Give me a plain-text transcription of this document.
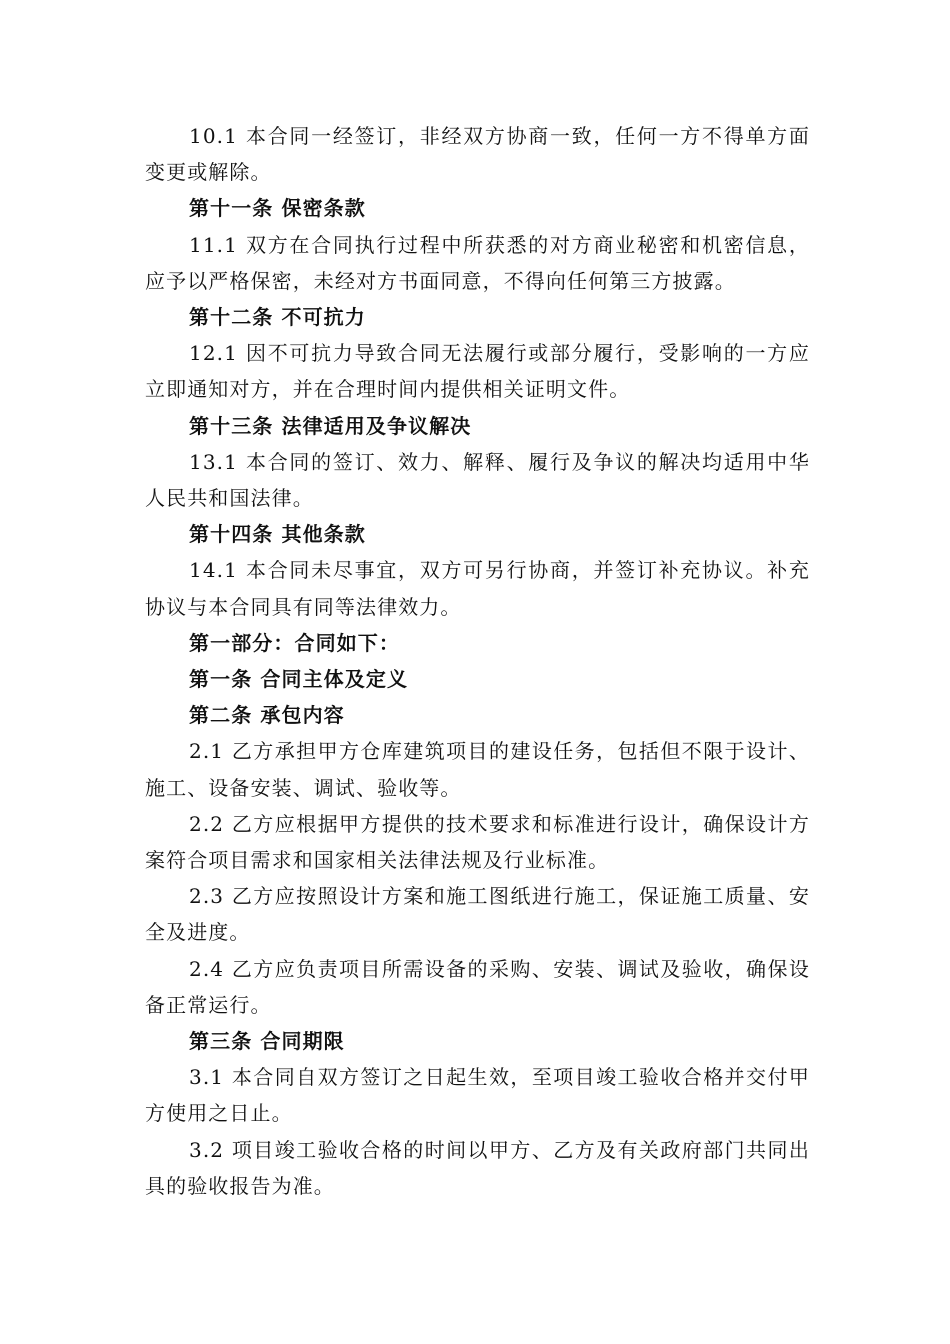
10.1 本合同一经签订，非经双方协商一致，任何一方不得单方面变更或解除。

第十一条 保密条款

11.1 双方在合同执行过程中所获悉的对方商业秘密和机密信息，应予以严格保密，未经对方书面同意，不得向任何第三方披露。

第十二条 不可抗力

12.1 因不可抗力导致合同无法履行或部分履行，受影响的一方应立即通知对方，并在合理时间内提供相关证明文件。

第十三条 法律适用及争议解决

13.1 本合同的签订、效力、解释、履行及争议的解决均适用中华人民共和国法律。

第十四条 其他条款

14.1 本合同未尽事宜，双方可另行协商，并签订补充协议。补充协议与本合同具有同等法律效力。

第一部分：合同如下：

第一条 合同主体及定义

第二条 承包内容

2.1 乙方承担甲方仓库建筑项目的建设任务，包括但不限于设计、施工、设备安装、调试、验收等。

2.2 乙方应根据甲方提供的技术要求和标准进行设计，确保设计方案符合项目需求和国家相关法律法规及行业标准。

2.3 乙方应按照设计方案和施工图纸进行施工，保证施工质量、安全及进度。

2.4 乙方应负责项目所需设备的采购、安装、调试及验收，确保设备正常运行。

第三条 合同期限

3.1 本合同自双方签订之日起生效，至项目竣工验收合格并交付甲方使用之日止。

3.2 项目竣工验收合格的时间以甲方、乙方及有关政府部门共同出具的验收报告为准。
